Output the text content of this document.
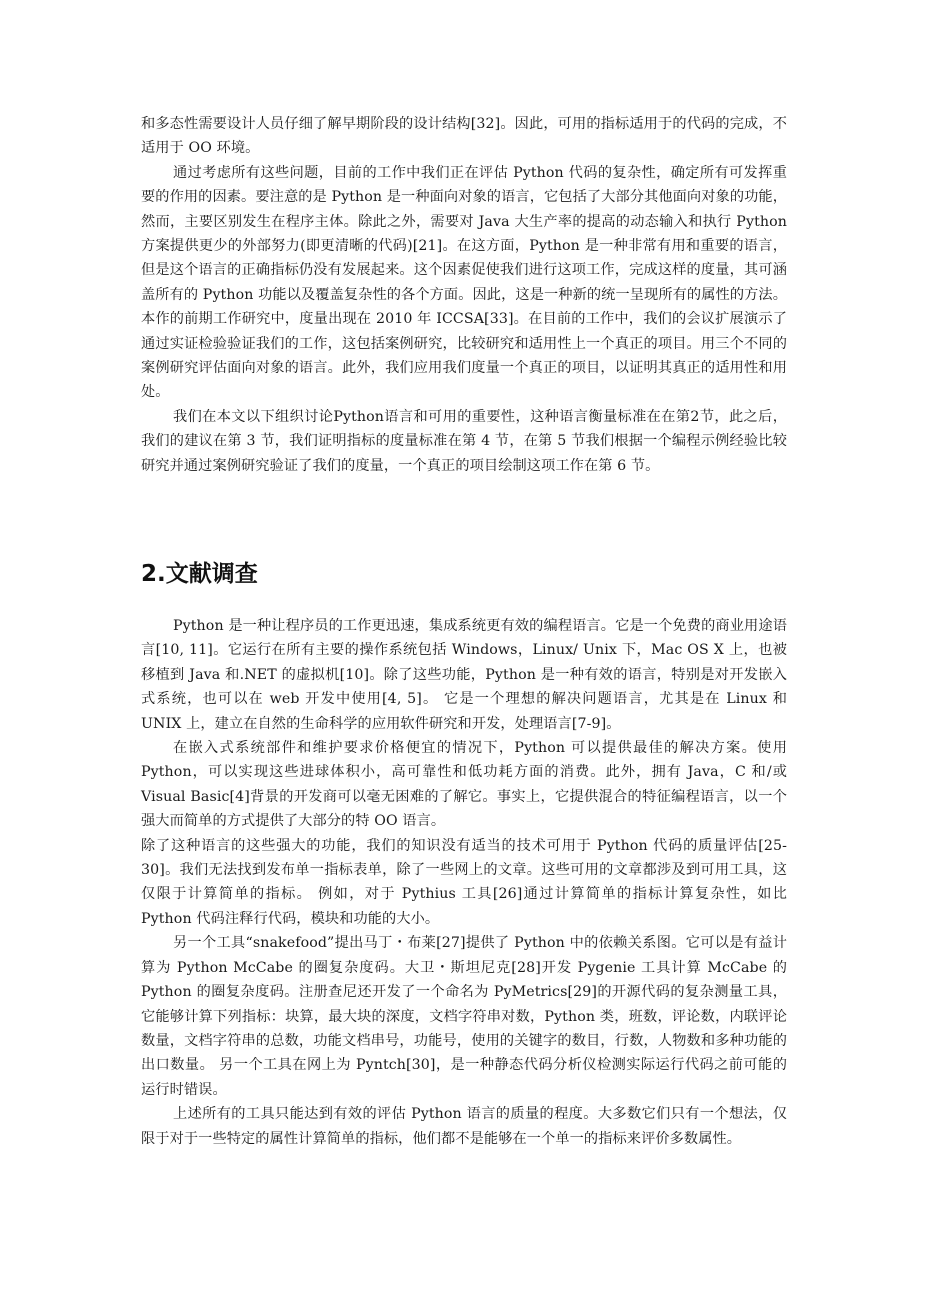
和多态性需要设计人员仔细了解早期阶段的设计结构[32]。因此，可用的指标适用于的代码的完成，不适用于 OO 环境。

通过考虑所有这些问题，目前的工作中我们正在评估 Python 代码的复杂性，确定所有可发挥重要的作用的因素。要注意的是 Python 是一种面向对象的语言，它包括了大部分其他面向对象的功能，然而，主要区别发生在程序主体。除此之外，需要对 Java 大生产率的提高的动态输入和执行 Python 方案提供更少的外部努力(即更清晰的代码)[21]。在这方面，Python 是一种非常有用和重要的语言，但是这个语言的正确指标仍没有发展起来。这个因素促使我们进行这项工作，完成这样的度量，其可涵盖所有的 Python 功能以及覆盖复杂性的各个方面。因此，这是一种新的统一呈现所有的属性的方法。本作的前期工作研究中，度量出现在 2010 年 ICCSA[33]。在目前的工作中，我们的会议扩展演示了通过实证检验验证我们的工作，这包括案例研究，比较研究和适用性上一个真正的项目。用三个不同的案例研究评估面向对象的语言。此外，我们应用我们度量一个真正的项目，以证明其真正的适用性和用处。

我们在本文以下组织讨论Python语言和可用的重要性，这种语言衡量标准在在第2节，此之后，我们的建议在第 3 节，我们证明指标的度量标准在第 4 节，在第 5 节我们根据一个编程示例经验比较研究并通过案例研究验证了我们的度量，一个真正的项目绘制这项工作在第 6 节。

2.文献调查

Python 是一种让程序员的工作更迅速，集成系统更有效的编程语言。它是一个免费的商业用途语言[10, 11]。它运行在所有主要的操作系统包括 Windows，Linux/ Unix 下，Mac OS X 上，也被移植到 Java 和.NET 的虚拟机[10]。除了这些功能，Python 是一种有效的语言，特别是对开发嵌入式系统，也可以在 web 开发中使用[4, 5]。 它是一个理想的解决问题语言，尤其是在 Linux 和 UNIX 上，建立在自然的生命科学的应用软件研究和开发，处理语言[7-9]。

在嵌入式系统部件和维护要求价格便宜的情况下，Python 可以提供最佳的解决方案。使用 Python，可以实现这些进球体积小，高可靠性和低功耗方面的消费。此外，拥有 Java，C 和/或 Visual Basic[4]背景的开发商可以毫无困难的了解它。事实上，它提供混合的特征编程语言，以一个强大而简单的方式提供了大部分的特 OO 语言。

除了这种语言的这些强大的功能，我们的知识没有适当的技术可用于 Python 代码的质量评估[25-30]。我们无法找到发布单一指标表单，除了一些网上的文章。这些可用的文章都涉及到可用工具，这仅限于计算简单的指标。 例如，对于 Pythius 工具[26]通过计算简单的指标计算复杂性，如比 Python 代码注释行代码，模块和功能的大小。

另一个工具“snakefood”提出马丁・布莱[27]提供了 Python 中的依赖关系图。它可以是有益计算为 Python McCabe 的圈复杂度码。大卫・斯坦尼克[28]开发 Pygenie 工具计算 McCabe 的 Python 的圈复杂度码。注册查尼还开发了一个命名为 PyMetrics[29]的开源代码的复杂测量工具，它能够计算下列指标：块算，最大块的深度，文档字符串对数，Python 类，班数，评论数，内联评论数量，文档字符串的总数，功能文档串号，功能号，使用的关键字的数目，行数，人物数和多种功能的出口数量。 另一个工具在网上为 Pyntch[30]，是一种静态代码分析仪检测实际运行代码之前可能的运行时错误。

上述所有的工具只能达到有效的评估 Python 语言的质量的程度。大多数它们只有一个想法，仅限于对于一些特定的属性计算简单的指标，他们都不是能够在一个单一的指标来评价多数属性。
